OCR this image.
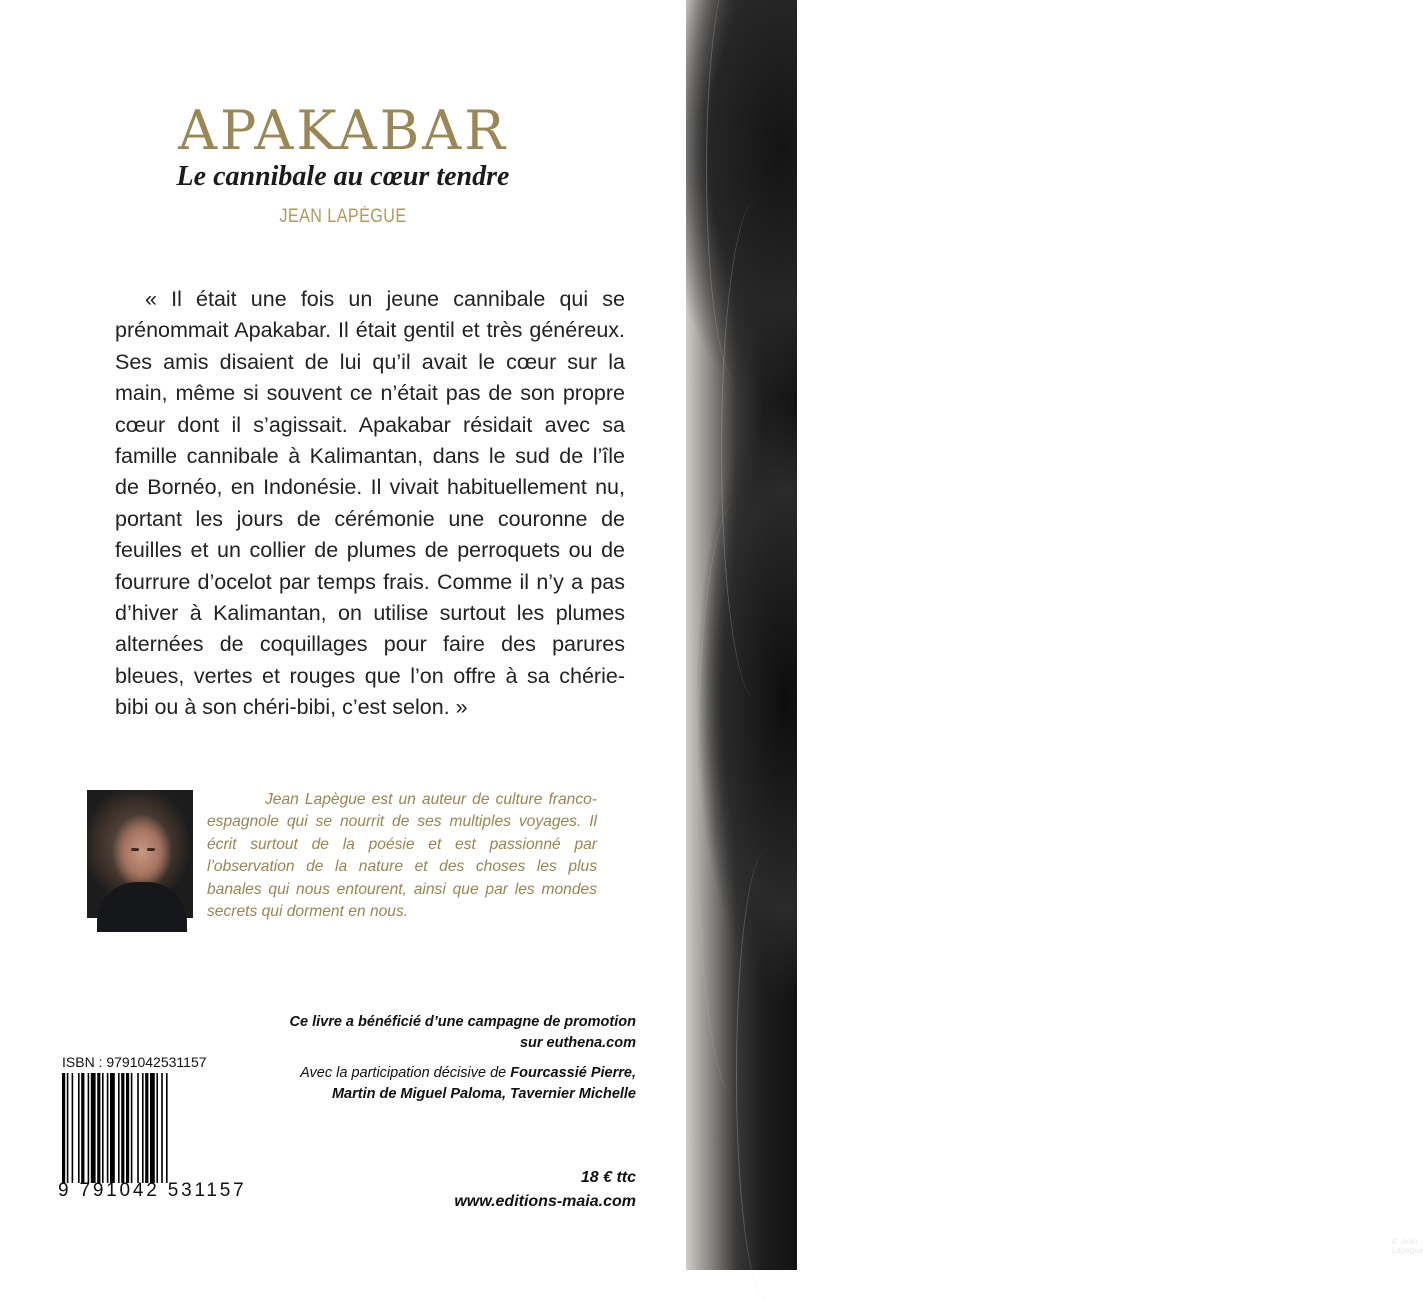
APAKABAR
Le cannibale au cœur tendre
JEAN LAPÈGUE

« Il était une fois un jeune cannibale qui se prénommait Apakabar. Il était gentil et très généreux. Ses amis disaient de lui qu’il avait le cœur sur la main, même si souvent ce n’était pas de son propre cœur dont il s’agissait. Apakabar résidait avec sa famille cannibale à Kalimantan, dans le sud de l’île de Bornéo, en Indonésie. Il vivait habituellement nu, portant les jours de cérémonie une couronne de feuilles et un collier de plumes de perroquets ou de fourrure d’ocelot par temps frais. Comme il n’y a pas d’hiver à Kalimantan, on utilise surtout les plumes alternées de coquillages pour faire des parures bleues, vertes et rouges que l’on offre à sa chérie-bibi ou à son chéri-bibi, c’est selon. »

Jean Lapègue est un auteur de culture franco-espagnole qui se nourrit de ses multiples voyages. Il écrit surtout de la poésie et est passionné par l’observation de la nature et des choses les plus banales qui nous entourent, ainsi que par les mondes secrets qui dorment en nous.

Ce livre a bénéficié d’une campagne de promotion
sur euthena.com
Avec la participation décisive de Fourcassié Pierre,
Martin de Miguel Paloma, Tavernier Michelle
ISBN : 9791042531157
9 791042 531157
18 € ttc
www.editions-maia.com
© Jean Lapègue
